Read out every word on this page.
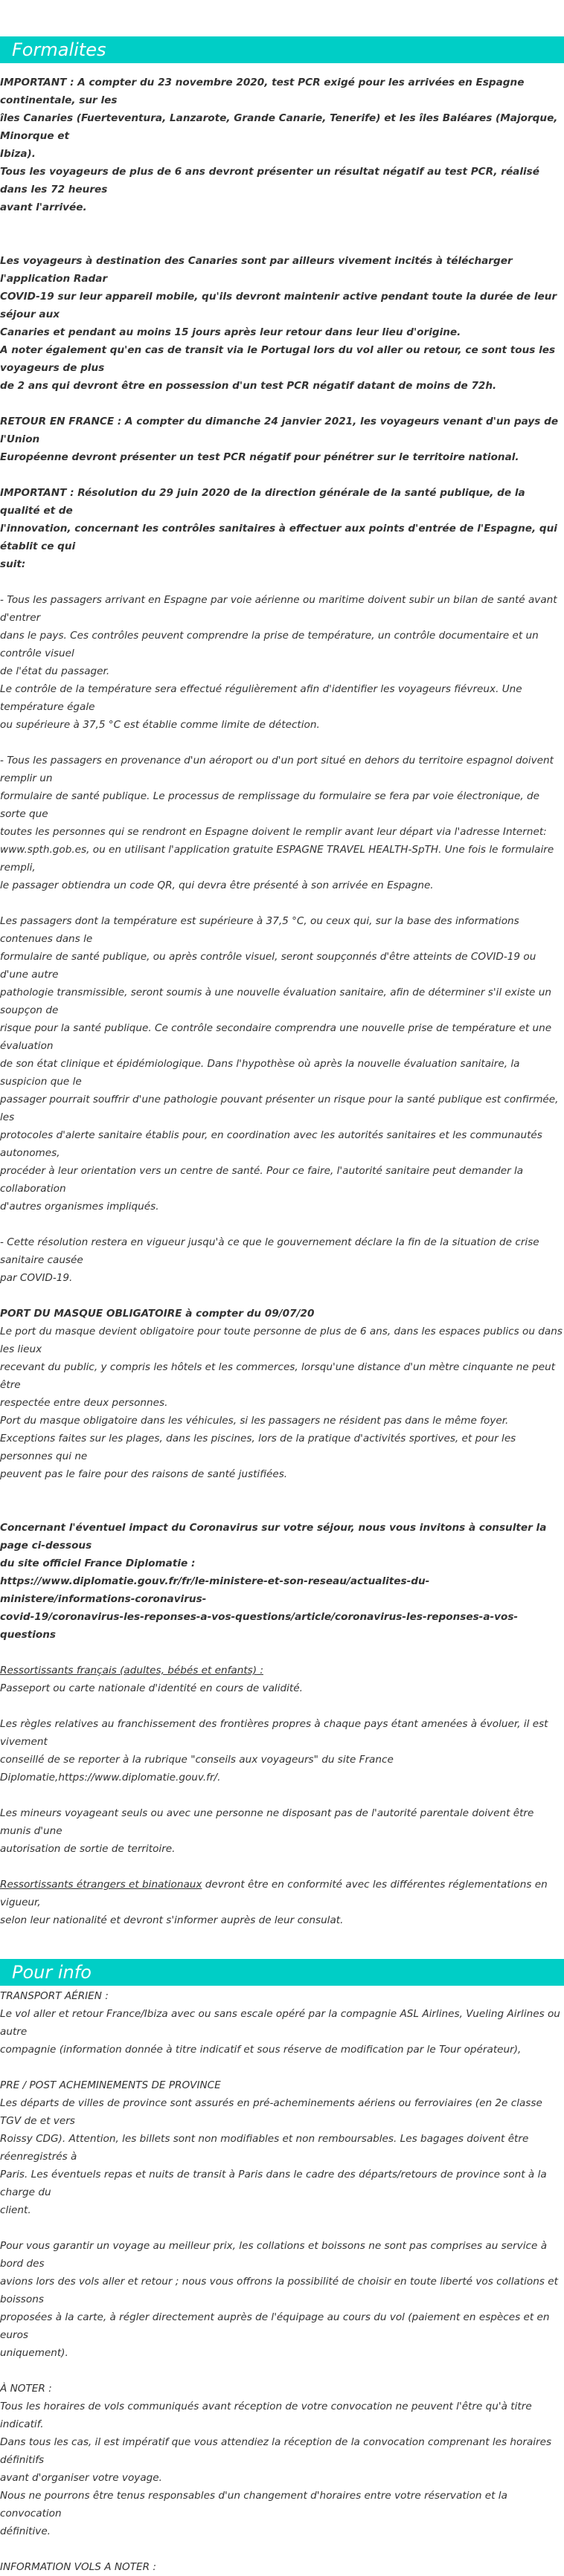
Formalites
IMPORTANT : A compter du 23 novembre 2020, test PCR exigé pour les arrivées en Espagne continentale, sur les
îles Canaries (Fuerteventura, Lanzarote, Grande Canarie, Tenerife) et les îles Baléares (Majorque, Minorque et
Ibiza).
Tous les voyageurs de plus de 6 ans devront présenter un résultat négatif au test PCR, réalisé dans les 72 heures
avant l'arrivée.
Les voyageurs à destination des Canaries sont par ailleurs vivement incités à télécharger l'application Radar
COVID-19 sur leur appareil mobile, qu'ils devront maintenir active pendant toute la durée de leur séjour aux
Canaries et pendant au moins 15 jours après leur retour dans leur lieu d'origine.
A noter également qu'en cas de transit via le Portugal lors du vol aller ou retour, ce sont tous les voyageurs de plus
de 2 ans qui devront être en possession d'un test PCR négatif datant de moins de 72h.
RETOUR EN FRANCE : A compter du dimanche 24 janvier 2021, les voyageurs venant d'un pays de l'Union
Européenne devront présenter un test PCR négatif pour pénétrer sur le territoire national.
IMPORTANT : Résolution du 29 juin 2020 de la direction générale de la santé publique, de la qualité et de
l'innovation, concernant les contrôles sanitaires à effectuer aux points d'entrée de l'Espagne, qui établit ce qui
suit:
- Tous les passagers arrivant en Espagne par voie aérienne ou maritime doivent subir un bilan de santé avant d'entrer
dans le pays. Ces contrôles peuvent comprendre la prise de température, un contrôle documentaire et un contrôle visuel
de l'état du passager.
Le contrôle de la température sera effectué régulièrement afin d'identifier les voyageurs fiévreux. Une température égale
ou supérieure à 37,5 °C est établie comme limite de détection.
- Tous les passagers en provenance d'un aéroport ou d'un port situé en dehors du territoire espagnol doivent remplir un
formulaire de santé publique. Le processus de remplissage du formulaire se fera par voie électronique, de sorte que
toutes les personnes qui se rendront en Espagne doivent le remplir avant leur départ via l'adresse Internet:
www.spth.gob.es, ou en utilisant l'application gratuite ESPAGNE TRAVEL HEALTH-SpTH. Une fois le formulaire rempli,
le passager obtiendra un code QR, qui devra être présenté à son arrivée en Espagne.
Les passagers dont la température est supérieure à 37,5 °C, ou ceux qui, sur la base des informations contenues dans le
formulaire de santé publique, ou après contrôle visuel, seront soupçonnés d'être atteints de COVID-19 ou d'une autre
pathologie transmissible, seront soumis à une nouvelle évaluation sanitaire, afin de déterminer s'il existe un soupçon de
risque pour la santé publique. Ce contrôle secondaire comprendra une nouvelle prise de température et une évaluation
de son état clinique et épidémiologique. Dans l'hypothèse où après la nouvelle évaluation sanitaire, la suspicion que le
passager pourrait souffrir d'une pathologie pouvant présenter un risque pour la santé publique est confirmée, les
protocoles d'alerte sanitaire établis pour, en coordination avec les autorités sanitaires et les communautés autonomes,
procéder à leur orientation vers un centre de santé. Pour ce faire, l'autorité sanitaire peut demander la collaboration
d'autres organismes impliqués.
- Cette résolution restera en vigueur jusqu'à ce que le gouvernement déclare la fin de la situation de crise sanitaire causée
par COVID-19.
PORT DU MASQUE OBLIGATOIRE à compter du 09/07/20
Le port du masque devient obligatoire pour toute personne de plus de 6 ans, dans les espaces publics ou dans les lieux
recevant du public, y compris les hôtels et les commerces, lorsqu'une distance d'un mètre cinquante ne peut être
respectée entre deux personnes.
Port du masque obligatoire dans les véhicules, si les passagers ne résident pas dans le même foyer.
Exceptions faites sur les plages, dans les piscines, lors de la pratique d'activités sportives, et pour les personnes qui ne
peuvent pas le faire pour des raisons de santé justifiées.
Concernant l'éventuel impact du Coronavirus sur votre séjour, nous vous invitons à consulter la page ci-dessous
du site officiel France Diplomatie :
https://www.diplomatie.gouv.fr/fr/le-ministere-et-son-reseau/actualites-du-ministere/informations-coronavirus-
covid-19/coronavirus-les-reponses-a-vos-questions/article/coronavirus-les-reponses-a-vos-questions
Ressortissants français (adultes, bébés et enfants) :
Passeport ou carte nationale d'identité en cours de validité.
Les règles relatives au franchissement des frontières propres à chaque pays étant amenées à évoluer, il est vivement
conseillé de se reporter à la rubrique "conseils aux voyageurs" du site France
Diplomatie,https://www.diplomatie.gouv.fr/.
Les mineurs voyageant seuls ou avec une personne ne disposant pas de l'autorité parentale doivent être munis d'une
autorisation de sortie de territoire.
Ressortissants étrangers et binationaux devront être en conformité avec les différentes réglementations en vigueur,
selon leur nationalité et devront s'informer auprès de leur consulat.
Pour info
TRANSPORT AÉRIEN :
Le vol aller et retour France/Ibiza avec ou sans escale opéré par la compagnie ASL Airlines, Vueling Airlines ou autre
compagnie (information donnée à titre indicatif et sous réserve de modification par le Tour opérateur),
PRE / POST ACHEMINEMENTS DE PROVINCE
Les départs de villes de province sont assurés en pré-acheminements aériens ou ferroviaires (en 2e classe TGV de et vers
Roissy CDG). Attention, les billets sont non modifiables et non remboursables. Les bagages doivent être réenregistrés à
Paris. Les éventuels repas et nuits de transit à Paris dans le cadre des départs/retours de province sont à la charge du
client.
Pour vous garantir un voyage au meilleur prix, les collations et boissons ne sont pas comprises au service à bord des
avions lors des vols aller et retour ; nous vous offrons la possibilité de choisir en toute liberté vos collations et boissons
proposées à la carte, à régler directement auprès de l'équipage au cours du vol (paiement en espèces et en euros
uniquement).
À NOTER :
Tous les horaires de vols communiqués avant réception de votre convocation ne peuvent l'être qu'à titre indicatif.
Dans tous les cas, il est impératif que vous attendiez la réception de la convocation comprenant les horaires définitifs
avant d'organiser votre voyage.
Nous ne pourrons être tenus responsables d'un changement d'horaires entre votre réservation et la convocation
définitive.
INFORMATION VOLS A NOTER :
